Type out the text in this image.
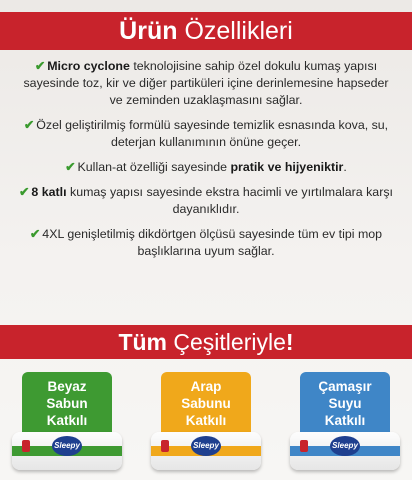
Ürün Özellikleri
✔ Micro cyclone teknolojisine sahip özel dokulu kumaş yapısı sayesinde toz, kir ve diğer partiküleri içine derinlemesine hapseder ve zeminden uzaklaşmasını sağlar.
✔ Özel geliştirilmiş formülü sayesinde temizlik esnasında kova, su, deterjan kullanımının önüne geçer.
✔ Kullan-at özelliği sayesinde pratik ve hijyeniktir.
✔ 8 katlı kumaş yapısı sayesinde ekstra hacimli ve yırtılmalara karşı dayanıklıdır.
✔ 4XL genişletilmiş dikdörtgen ölçüsü sayesinde tüm ev tipi mop başlıklarına uyum sağlar.
Tüm Çeşitleriyle!
Beyaz
Sabun
Katkılı
Sleepy
Arap
Sabunu
Katkılı
Sleepy
Çamaşır
Suyu
Katkılı
Sleepy
